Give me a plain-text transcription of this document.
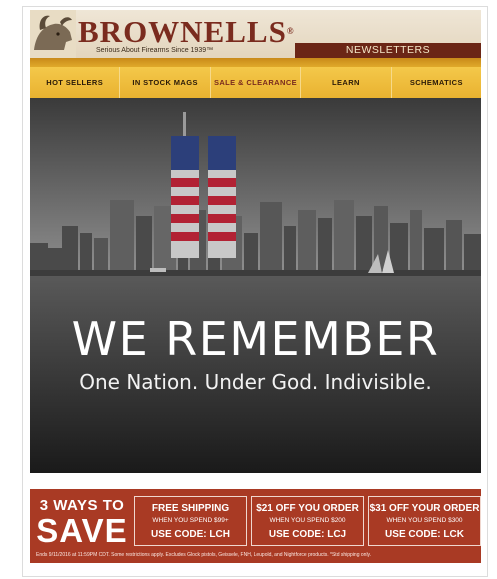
BROWNELLS®
Serious About Firearms Since 1939™	NEWSLETTERS
HOT SELLERS	IN STOCK MAGS	SALE & CLEARANCE	LEARN	SCHEMATICS
WE REMEMBER
One Nation. Under God. Indivisible.
3 WAYS TO
SAVE
FREE SHIPPING
WHEN YOU SPEND $99+
USE CODE: LCH
$21 OFF YOU ORDER
WHEN YOU SPEND $200
USE CODE: LCJ
$31 OFF YOUR ORDER
WHEN YOU SPEND $300
USE CODE: LCK
Ends 9/11/2016 at 11:59PM CDT. Some restrictions apply. Excludes Glock pistols, Geissele, FNH, Leupold, and Nightforce products. *Std shipping only.
